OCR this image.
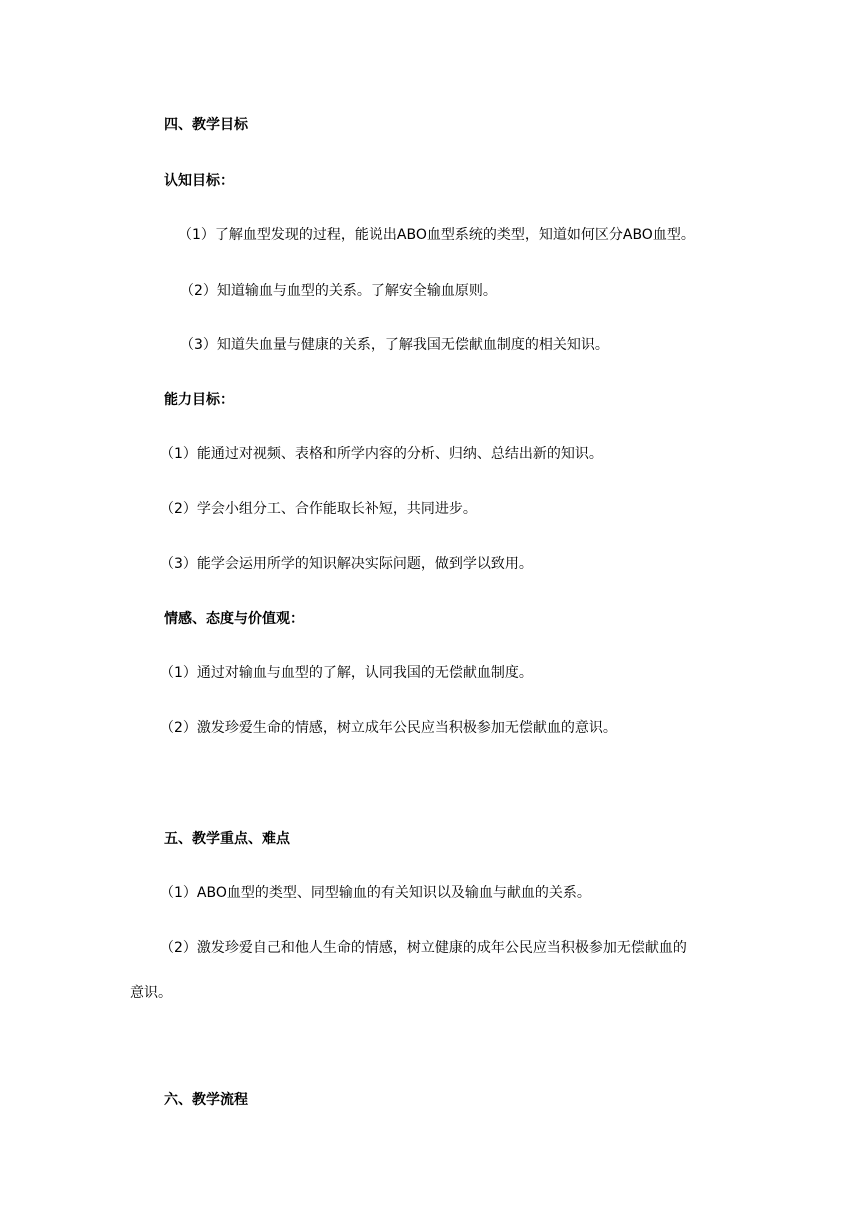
四、教学目标
认知目标：
（1）了解血型发现的过程，能说出ABO血型系统的类型，知道如何区分ABO血型。
（2）知道输血与血型的关系。了解安全输血原则。
（3）知道失血量与健康的关系，了解我国无偿献血制度的相关知识。
能力目标：
（1）能通过对视频、表格和所学内容的分析、归纳、总结出新的知识。
（2）学会小组分工、合作能取长补短，共同进步。
（3）能学会运用所学的知识解决实际问题，做到学以致用。
情感、态度与价值观：
（1）通过对输血与血型的了解，认同我国的无偿献血制度。
（2）激发珍爱生命的情感，树立成年公民应当积极参加无偿献血的意识。
五、教学重点、难点
（1）ABO血型的类型、同型输血的有关知识以及输血与献血的关系。
（2）激发珍爱自己和他人生命的情感，树立健康的成年公民应当积极参加无偿献血的
意识。
六、教学流程
